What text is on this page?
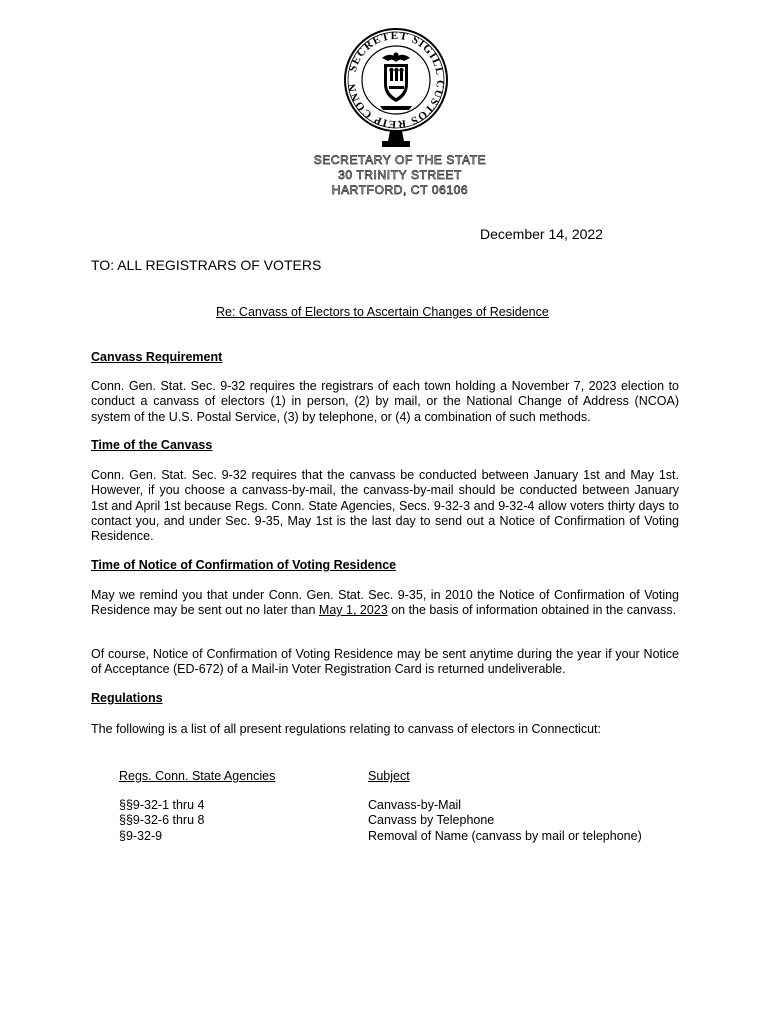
SECRETET SIGILL CUSTOS REIP CONN
SECRETARY OF THE STATE
30 TRINITY STREET
HARTFORD, CT 06106
December 14, 2022
TO: ALL REGISTRARS OF VOTERS
Re: Canvass of Electors to Ascertain Changes of Residence
Canvass Requirement
Conn. Gen. Stat. Sec. 9-32 requires the registrars of each town holding a November 7, 2023 election to conduct a canvass of electors (1) in person, (2) by mail, or the National Change of Address (NCOA) system of the U.S. Postal Service, (3) by telephone, or (4) a combination of such methods.
Time of the Canvass
Conn. Gen. Stat. Sec. 9-32 requires that the canvass be conducted between January 1st and May 1st. However, if you choose a canvass-by-mail, the canvass-by-mail should be conducted between January 1st and April 1st because Regs. Conn. State Agencies, Secs. 9-32-3 and 9-32-4 allow voters thirty days to contact you, and under Sec. 9-35, May 1st is the last day to send out a Notice of Confirmation of Voting Residence.
Time of Notice of Confirmation of Voting Residence
May we remind you that under Conn. Gen. Stat. Sec. 9-35, in 2010 the Notice of Confirmation of Voting Residence may be sent out no later than May 1, 2023 on the basis of information obtained in the canvass.
Of course, Notice of Confirmation of Voting Residence may be sent anytime during the year if your Notice of Acceptance (ED-672) of a Mail-in Voter Registration Card is returned undeliverable.
Regulations
The following is a list of all present regulations relating to canvass of electors in Connecticut:
Regs. Conn. State Agencies	Subject
§§9-32-1 thru 4
§§9-32-6 thru 8
§9-32-9
Canvass-by-Mail
Canvass by Telephone
Removal of Name (canvass by mail or telephone)
